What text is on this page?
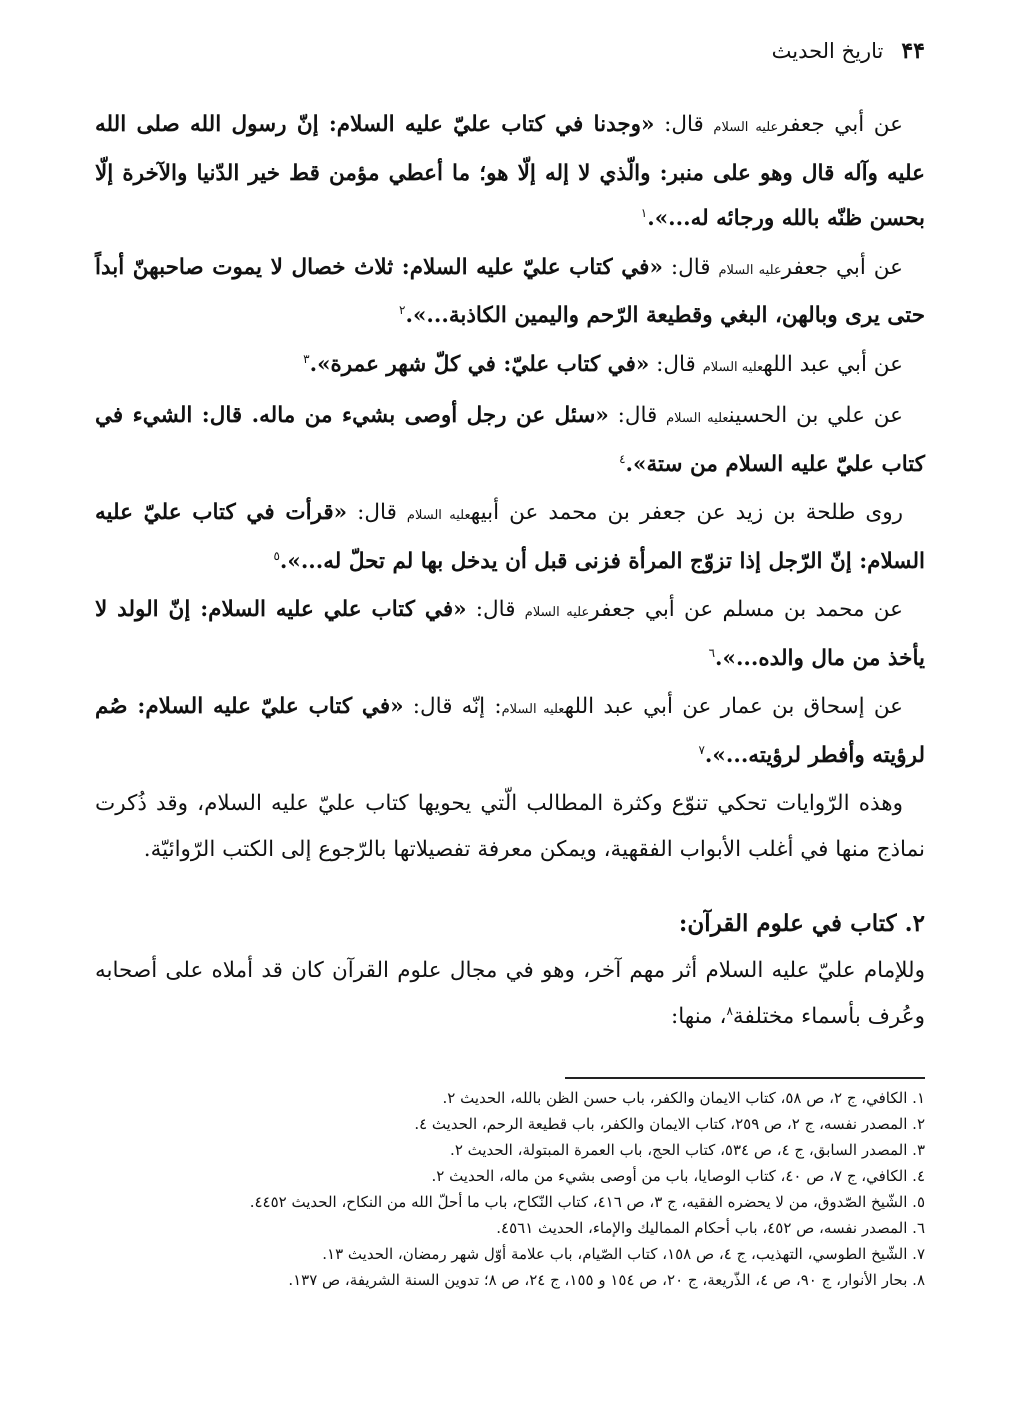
۴۴
تاريخ الحديث

عن أبي جعفرعليه السلام قال: «وجدنا في كتاب عليّ عليه السلام: إنّ رسول الله صلى الله عليه وآله قال وهو على منبر: والّذي لا إله إلّا هو؛ ما أعطي مؤمن قط خير الدّنيا والآخرة إلّا بحسن ظنّه بالله ورجائه له...».$^١$

عن أبي جعفرعليه السلام قال: «في كتاب عليّ عليه السلام: ثلاث خصال لا يموت صاحبهنّ أبداً حتى يرى وبالهن، البغي وقطيعة الرّحم واليمين الكاذبة...».$^٢$

عن أبي عبد اللهعليه السلام قال: «في كتاب عليّ: في كلّ شهر عمرة».$^٣$

عن علي بن الحسينعليه السلام قال: «سئل عن رجل أوصى بشيء من ماله. قال: الشيء في كتاب عليّ عليه السلام من ستة».$^٤$

روى طلحة بن زيد عن جعفر بن محمد عن أبيهعليه السلام قال: «قرأت في كتاب عليّ عليه السلام: إنّ الرّجل إذا تزوّج المرأة فزنى قبل أن يدخل بها لم تحلّ له...».$^٥$

عن محمد بن مسلم عن أبي جعفرعليه السلام قال: «في كتاب علي عليه السلام: إنّ الولد لا يأخذ من مال والده...».$^٦$

عن إسحاق بن عمار عن أبي عبد اللهعليه السلام: إنّه قال: «في كتاب عليّ عليه السلام: صُم لرؤيته وأفطر لرؤيته...».$^٧$

وهذه الرّوايات تحكي تنوّع وكثرة المطالب الّتي يحويها كتاب عليّ عليه السلام، وقد ذُكرت نماذج منها في أغلب الأبواب الفقهية، ويمكن معرفة تفصيلاتها بالرّجوع إلى الكتب الرّوائيّة.

٢. كتاب في علوم القرآن:

وللإمام عليّ عليه السلام أثر مهم آخر، وهو في مجال علوم القرآن كان قد أملاه على أصحابه وعُرف بأسماء مختلفة$^٨$، منها:

١. الكافي، ج ٢، ص ٥٨، كتاب الايمان والكفر، باب حسن الظن بالله، الحديث ٢.
٢. المصدر نفسه، ج ٢، ص ٢٥٩، كتاب الايمان والكفر، باب قطيعة الرحم، الحديث ٤.
٣. المصدر السابق، ج ٤، ص ٥٣٤، كتاب الحج، باب العمرة المبتولة، الحديث ٢.
٤. الكافي، ج ٧، ص ٤٠، كتاب الوصايا، باب من أوصى بشيء من ماله، الحديث ٢.
٥. الشّيخ الصّدوق، من لا يحضره الفقيه، ج ٣، ص ٤١٦، كتاب النّكاح، باب ما أحلّ الله من النكاح، الحديث ٤٤٥٢.
٦. المصدر نفسه، ص ٤٥٢، باب أحكام المماليك والإماء، الحديث ٤٥٦١.
٧. الشّيخ الطوسي، التهذيب، ج ٤، ص ١٥٨، كتاب الصّيام، باب علامة أوّل شهر رمضان، الحديث ١٣.
٨. بحار الأنوار، ج ٩٠، ص ٤، الذّريعة، ج ٢٠، ص ١٥٤ و ١٥٥، ج ٢٤، ص ٨؛ تدوين السنة الشريفة، ص ١٣٧.
